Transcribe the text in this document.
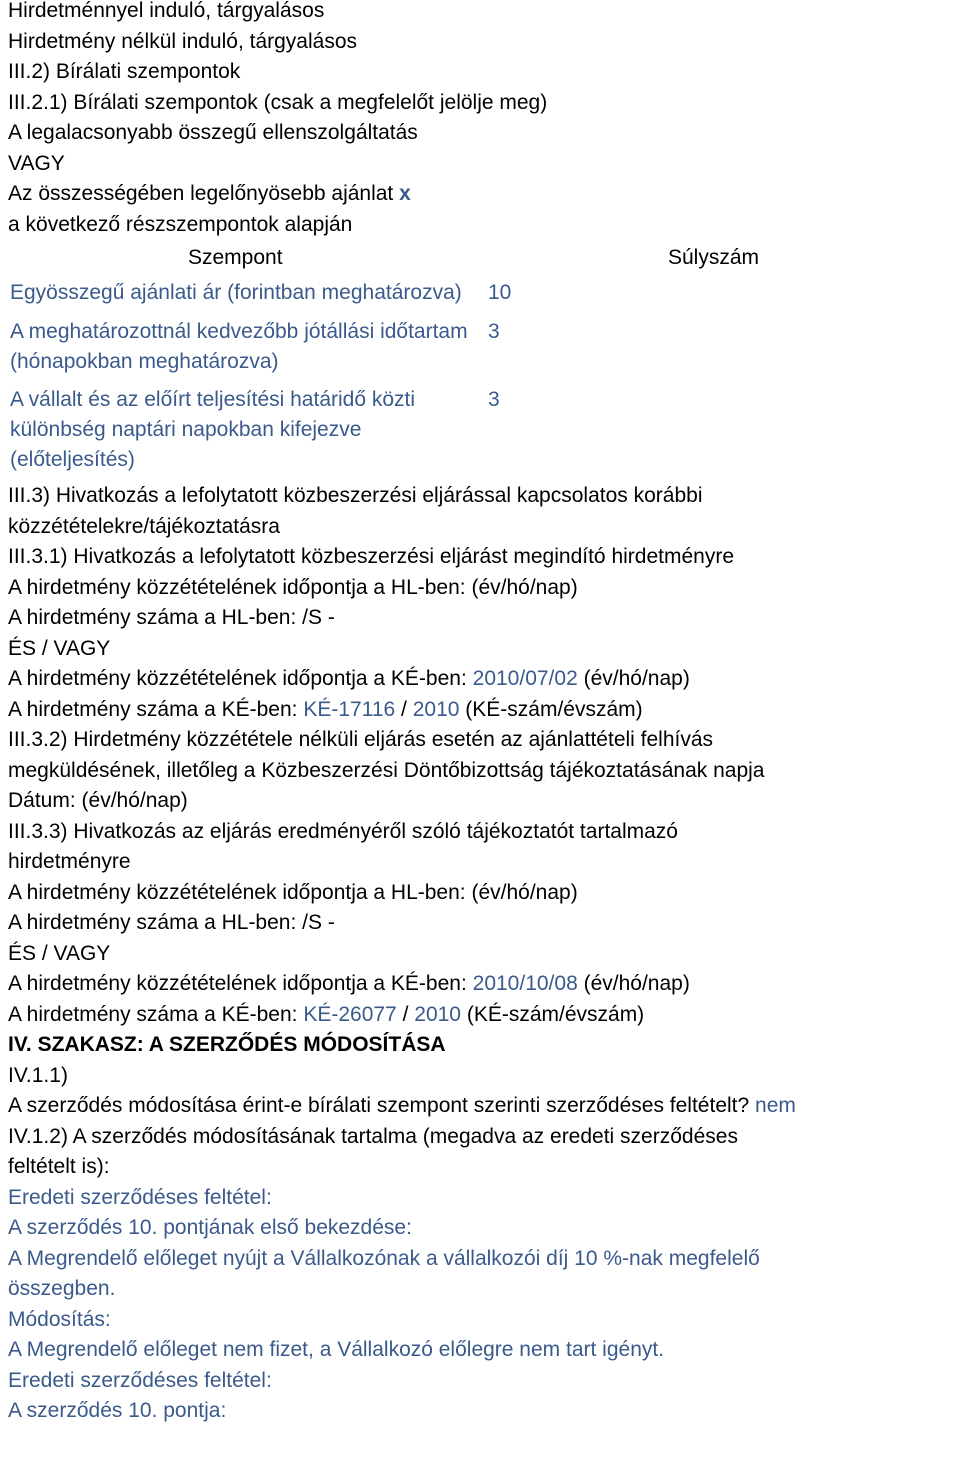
Hirdetménnyel induló, tárgyalásos
Hirdetmény nélkül induló, tárgyalásos
III.2) Bírálati szempontok
III.2.1) Bírálati szempontok (csak a megfelelőt jelölje meg)
A legalacsonyabb összegű ellenszolgáltatás
VAGY
Az összességében legelőnyösebb ajánlat x
a következő részszempontok alapján
Szempont	Súlyszám
Egyösszegű ajánlati ár (forintban meghatározva)	10
A meghatározottnál kedvezőbb jótállási időtartam (hónapokban meghatározva)	3
A vállalt és az előírt teljesítési határidő közti különbség naptári napokban kifejezve (előteljesítés)	3
III.3) Hivatkozás a lefolytatott közbeszerzési eljárással kapcsolatos korábbi
közzétételekre/tájékoztatásra
III.3.1) Hivatkozás a lefolytatott közbeszerzési eljárást megindító hirdetményre
A hirdetmény közzétételének időpontja a HL-ben: (év/hó/nap)
A hirdetmény száma a HL-ben: /S -
ÉS / VAGY
A hirdetmény közzétételének időpontja a KÉ-ben: 2010/07/02 (év/hó/nap)
A hirdetmény száma a KÉ-ben: KÉ-17116 / 2010 (KÉ-szám/évszám)
III.3.2) Hirdetmény közzététele nélküli eljárás esetén az ajánlattételi felhívás
megküldésének, illetőleg a Közbeszerzési Döntőbizottság tájékoztatásának napja
Dátum: (év/hó/nap)
III.3.3) Hivatkozás az eljárás eredményéről szóló tájékoztatót tartalmazó
hirdetményre
A hirdetmény közzétételének időpontja a HL-ben: (év/hó/nap)
A hirdetmény száma a HL-ben: /S -
ÉS / VAGY
A hirdetmény közzétételének időpontja a KÉ-ben: 2010/10/08 (év/hó/nap)
A hirdetmény száma a KÉ-ben: KÉ-26077 / 2010 (KÉ-szám/évszám)
IV. SZAKASZ: A SZERZŐDÉS MÓDOSÍTÁSA
IV.1.1)
A szerződés módosítása érint-e bírálati szempont szerinti szerződéses feltételt? nem
IV.1.2) A szerződés módosításának tartalma (megadva az eredeti szerződéses
feltételt is):
Eredeti szerződéses feltétel:
A szerződés 10. pontjának első bekezdése:
A Megrendelő előleget nyújt a Vállalkozónak a vállalkozói díj 10 %-nak megfelelő
összegben.
Módosítás:
A Megrendelő előleget nem fizet, a Vállalkozó előlegre nem tart igényt.
Eredeti szerződéses feltétel:
A szerződés 10. pontja:
